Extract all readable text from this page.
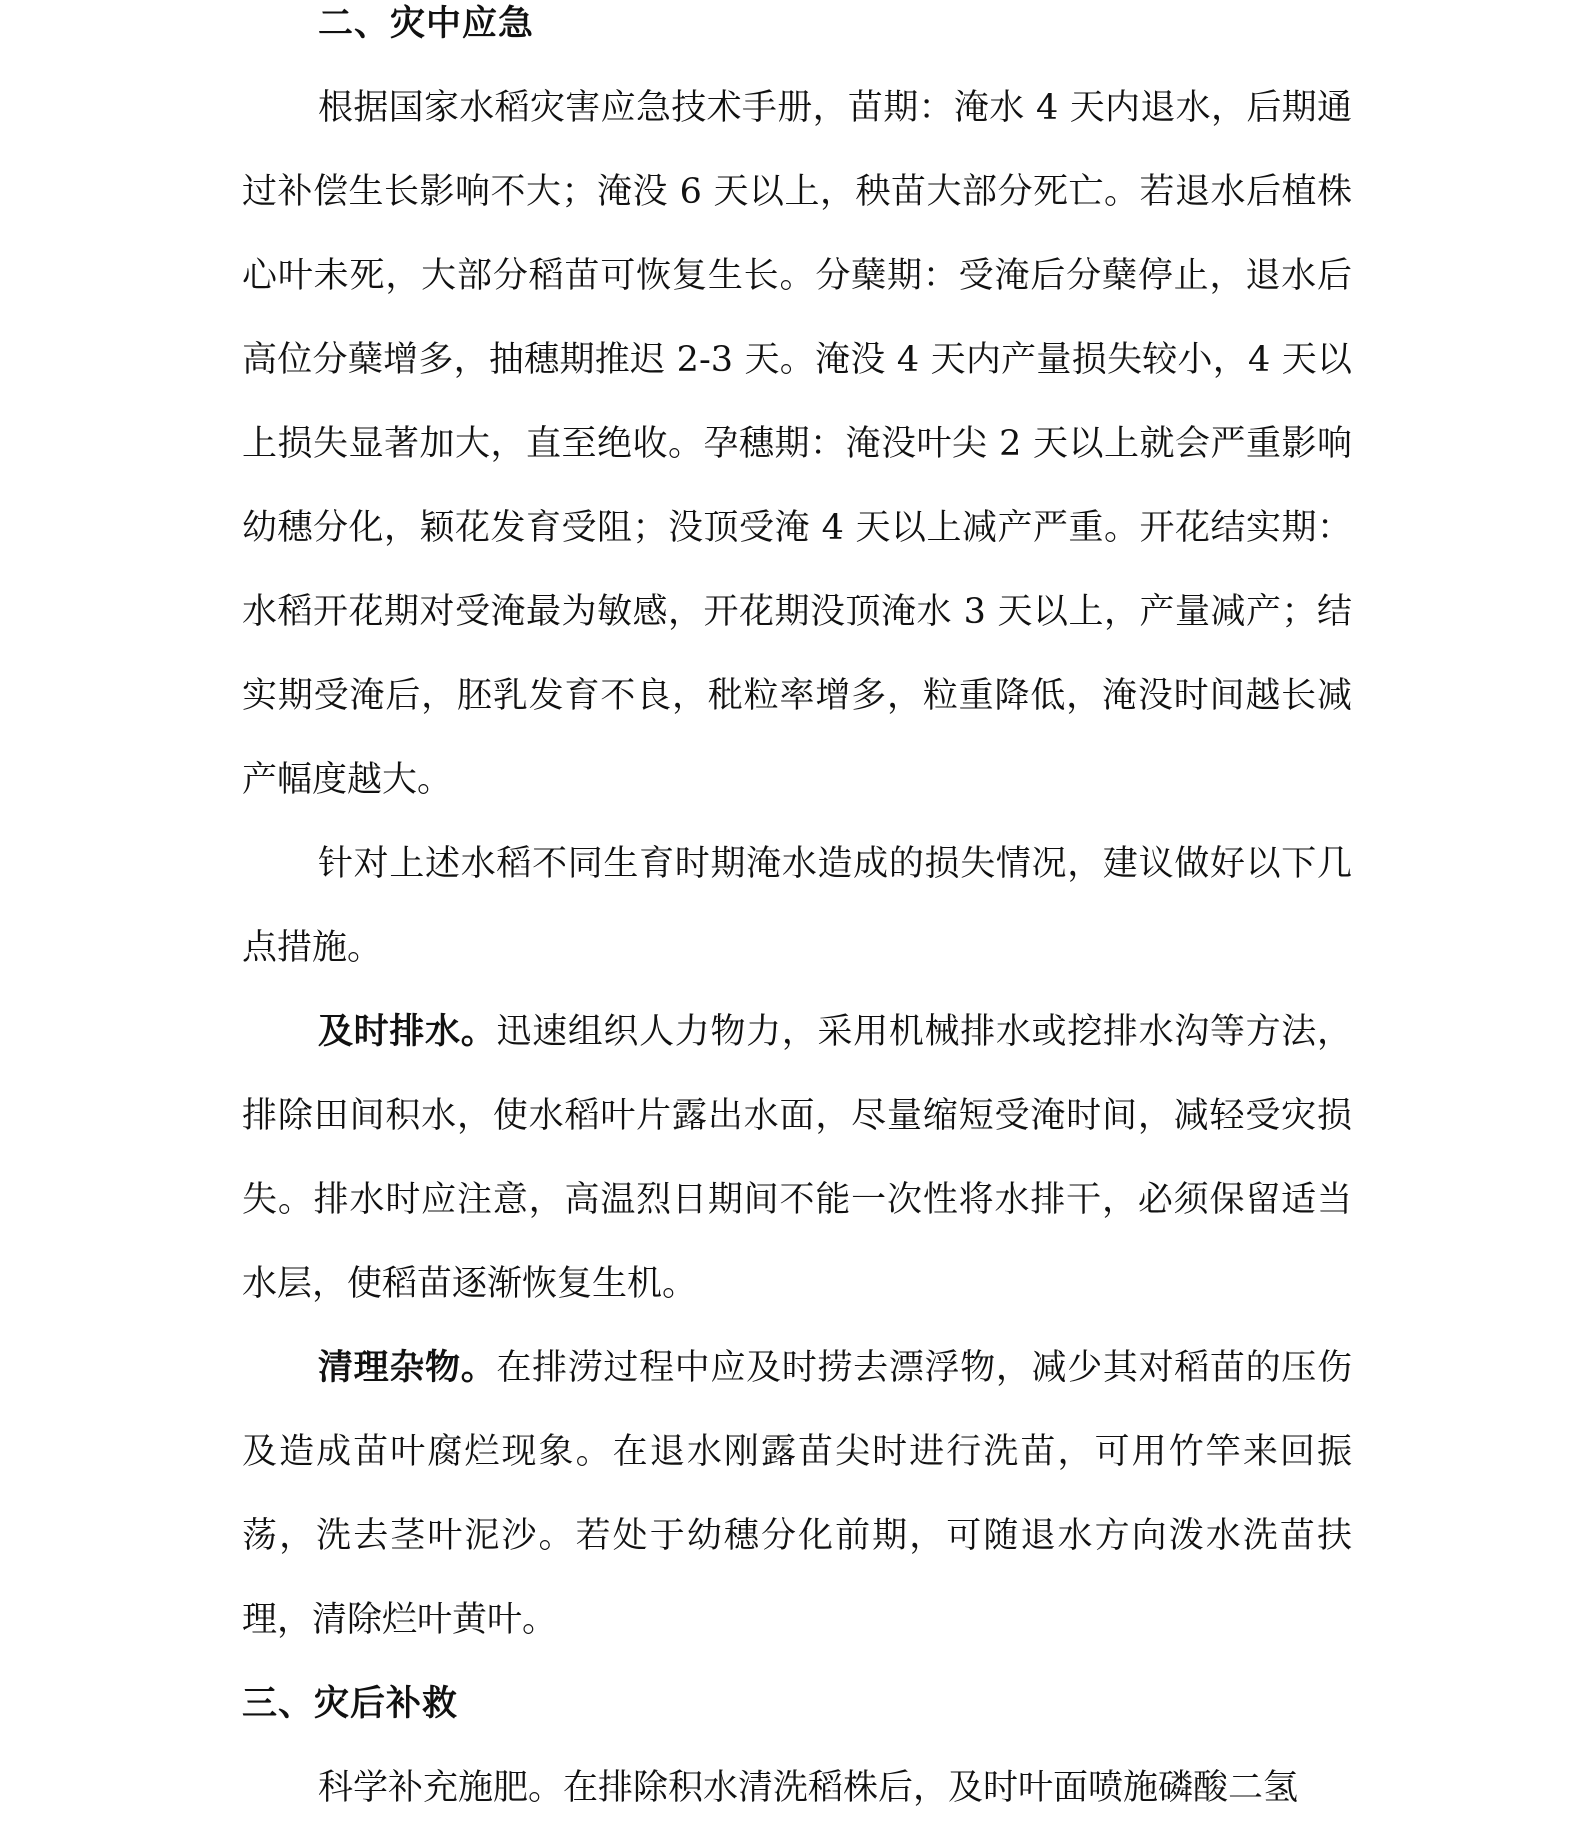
二、灾中应急

根据国家水稻灾害应急技术手册，苗期：淹水 4 天内退水，后期通过补偿生长影响不大；淹没 6 天以上，秧苗大部分死亡。若退水后植株心叶未死，大部分稻苗可恢复生长。分蘖期：受淹后分蘖停止，退水后高位分蘖增多，抽穗期推迟 2-3 天。淹没 4 天内产量损失较小，4 天以上损失显著加大，直至绝收。孕穗期：淹没叶尖 2 天以上就会严重影响幼穗分化，颖花发育受阻；没顶受淹 4 天以上减产严重。开花结实期：水稻开花期对受淹最为敏感，开花期没顶淹水 3 天以上，产量减产；结实期受淹后，胚乳发育不良，秕粒率增多，粒重降低，淹没时间越长减产幅度越大。

针对上述水稻不同生育时期淹水造成的损失情况，建议做好以下几点措施。

及时排水。迅速组织人力物力，采用机械排水或挖排水沟等方法，排除田间积水，使水稻叶片露出水面，尽量缩短受淹时间，减轻受灾损失。排水时应注意，高温烈日期间不能一次性将水排干，必须保留适当水层，使稻苗逐渐恢复生机。

清理杂物。在排涝过程中应及时捞去漂浮物，减少其对稻苗的压伤及造成苗叶腐烂现象。在退水刚露苗尖时进行洗苗，可用竹竿来回振荡，洗去茎叶泥沙。若处于幼穗分化前期，可随退水方向泼水洗苗扶理，清除烂叶黄叶。

三、灾后补救

科学补充施肥。在排除积水清洗稻株后，及时叶面喷施磷酸二氢
